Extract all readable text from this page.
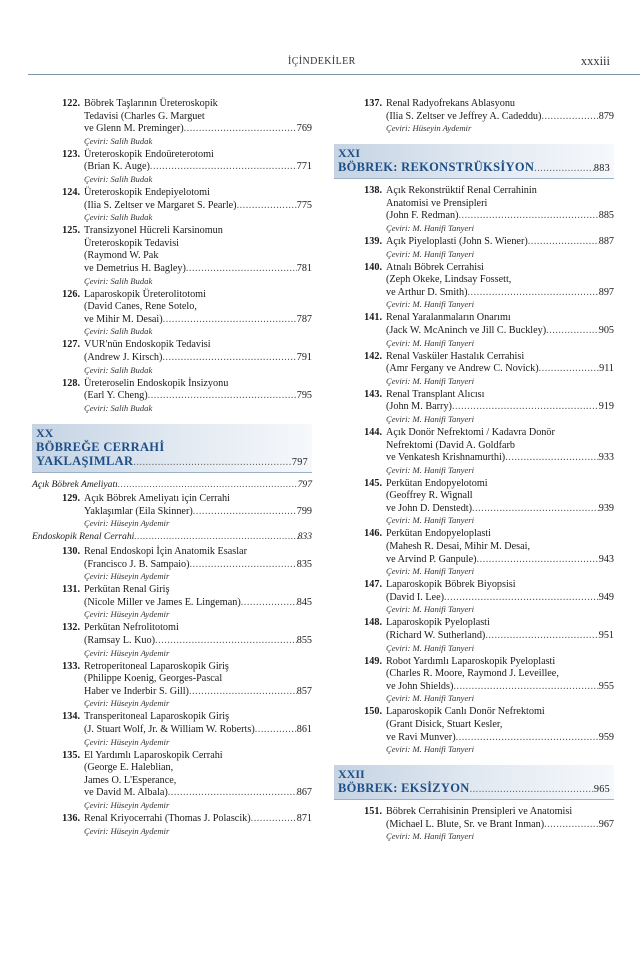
İÇİNDEKİLER	xxxiii
122. Böbrek Taşlarının Üreteroskopik
Tedavisi (Charles G. Marguet
ve Glenn M. Preminger) .....	769
Çeviri: Salih Budak
123. Üreteroskopik Endoüreterotomi
(Brian K. Auge) .....	771
Çeviri: Salih Budak
124. Üreteroskopik Endepiyelotomi
(Ilia S. Zeltser ve Margaret S. Pearle) .....	775
Çeviri: Salih Budak
125. Transizyonel Hücreli Karsinomun
Üreteroskopik Tedavisi
(Raymond W. Pak
ve Demetrius H. Bagley) .....	781
Çeviri: Salih Budak
126. Laparoskopik Üreterolitotomi
(David Canes, Rene Sotelo,
ve Mihir M. Desai) .....	787
Çeviri: Salih Budak
127. VUR'nün Endoskopik Tedavisi
(Andrew J. Kirsch) .....	791
Çeviri: Salih Budak
128. Üreteroselin Endoskopik İnsizyonu
(Earl Y. Cheng) .....	795
Çeviri: Salih Budak
XX
BÖBREĞE CERRAHİ
YAKLAŞIMLAR .....	797
Açık Böbrek Ameliyatı .....	797
129. Açık Böbrek Ameliyatı için Cerrahi
Yaklaşımlar (Eila Skinner) .....	799
Çeviri: Hüseyin Aydemir
Endoskopik Renal Cerrahi .....	833
130. Renal Endoskopi İçin Anatomik Esaslar
(Francisco J. B. Sampaio) .....	835
Çeviri: Hüseyin Aydemir
131. Perkütan Renal Giriş
(Nicole Miller ve James E. Lingeman) .....	845
Çeviri: Hüseyin Aydemir
132. Perkütan Nefrolitotomi
(Ramsay L. Kuo) .....	855
Çeviri: Hüseyin Aydemir
133. Retroperitoneal Laparoskopik Giriş
(Philippe Koenig, Georges-Pascal
Haber ve Inderbir S. Gill) .....	857
Çeviri: Hüseyin Aydemir
134. Transperitoneal Laparoskopik Giriş
(J. Stuart Wolf, Jr. & William W. Roberts) .....	861
Çeviri: Hüseyin Aydemir
135. El Yardımlı Laparoskopik Cerrahi
(George E. Haleblian,
James O. L'Esperance,
ve David M. Albala) .....	867
Çeviri: Hüseyin Aydemir
136. Renal Kriyocerrahi (Thomas J. Polascik) .....	871
Çeviri: Hüseyin Aydemir
137. Renal Radyofrekans Ablasyonu
(Ilia S. Zeltser ve Jeffrey A. Cadeddu) .....	879
Çeviri: Hüseyin Aydemir
XXI
BÖBREK: REKONSTRÜKSİYON .....	883
138. Açık Rekonstrüktif Renal Cerrahinin
Anatomisi ve Prensipleri
(John F. Redman) .....	885
Çeviri: M. Hanifi Tanyeri
139. Açık Piyeloplasti (John S. Wiener) .....	887
Çeviri: M. Hanifi Tanyeri
140. Atnalı Böbrek Cerrahisi
(Zeph Okeke, Lindsay Fossett,
ve Arthur D. Smith) .....	897
Çeviri: M. Hanifi Tanyeri
141. Renal Yaralanmaların Onarımı
(Jack W. McAninch ve Jill C. Buckley) .....	905
Çeviri: M. Hanifi Tanyeri
142. Renal Vasküler Hastalık Cerrahisi
(Amr Fergany ve Andrew C. Novick) .....	911
Çeviri: M. Hanifi Tanyeri
143. Renal Transplant Alıcısı
(John M. Barry) .....	919
Çeviri: M. Hanifi Tanyeri
144. Açık Donör Nefrektomi / Kadavra Donör
Nefrektomi (David A. Goldfarb
ve Venkatesh Krishnamurthi) .....	933
Çeviri: M. Hanifi Tanyeri
145. Perkütan Endopyelotomi
(Geoffrey R. Wignall
ve John D. Denstedt) .....	939
Çeviri: M. Hanifi Tanyeri
146. Perkütan Endopyeloplasti
(Mahesh R. Desai, Mihir M. Desai,
ve Arvind P. Ganpule) .....	943
Çeviri: M. Hanifi Tanyeri
147. Laparoskopik Böbrek Biyopsisi
(David I. Lee) .....	949
Çeviri: M. Hanifi Tanyeri
148. Laparoskopik Pyeloplasti
(Richard W. Sutherland) .....	951
Çeviri: M. Hanifi Tanyeri
149. Robot Yardımlı Laparoskopik Pyeloplasti
(Charles R. Moore, Raymond J. Leveillee,
ve John Shields) .....	955
Çeviri: M. Hanifi Tanyeri
150. Laparoskopik Canlı Donör Nefrektomi
(Grant Disick, Stuart Kesler,
ve Ravi Munver) .....	959
Çeviri: M. Hanifi Tanyeri
XXII
BÖBREK: EKSİZYON .....	965
151. Böbrek Cerrahisinin Prensipleri ve Anatomisi
(Michael L. Blute, Sr. ve Brant Inman) .....	967
Çeviri: M. Hanifi Tanyeri
